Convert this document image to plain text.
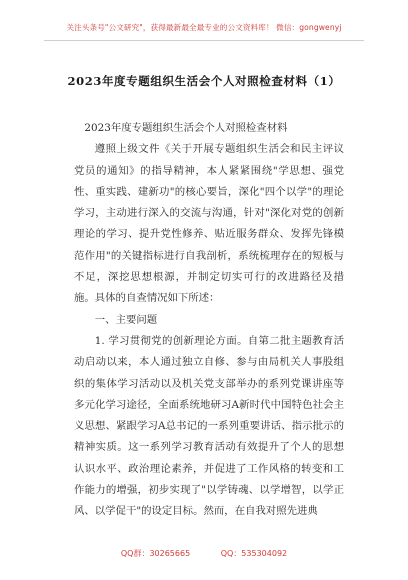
关注头条号"公文研究"，获得最新最全最专业的公文资料库！ 微信：gongwenyj
2023年度专题组织生活会个人对照检查材料（1）

2023年度专题组织生活会个人对照检查材料

遵照上级文件《关于开展专题组织生活会和民主评议党员的通知》的指导精神，本人紧紧围绕"学思想、强党性、重实践、建新功"的核心要旨，深化"四个以学"的理论学习，主动进行深入的交流与沟通，针对"深化对党的创新理论的学习、提升党性修养、贴近服务群众、发挥先锋模范作用"的关键指标进行自我剖析，系统梳理存在的短板与不足，深挖思想根源，并制定切实可行的改进路径及措施。具体的自查情况如下所述：

一、主要问题

1. 学习贯彻党的创新理论方面。自第二批主题教育活动启动以来，本人通过独立自修、参与由局机关人事股组织的集体学习活动以及机关党支部举办的系列党课讲座等多元化学习途径，全面系统地研习A新时代中国特色社会主义思想、紧跟学习A总书记的一系列重要讲话、指示批示的精神实质。这一系列学习教育活动有效提升了个人的思想认识水平、政治理论素养，并促进了工作风格的转变和工作能力的增强，初步实现了"以学铸魂、以学增智，以学正风、以学促干"的设定目标。然而，在自我对照先进典

QQ群：30265665	QQ：535304092
